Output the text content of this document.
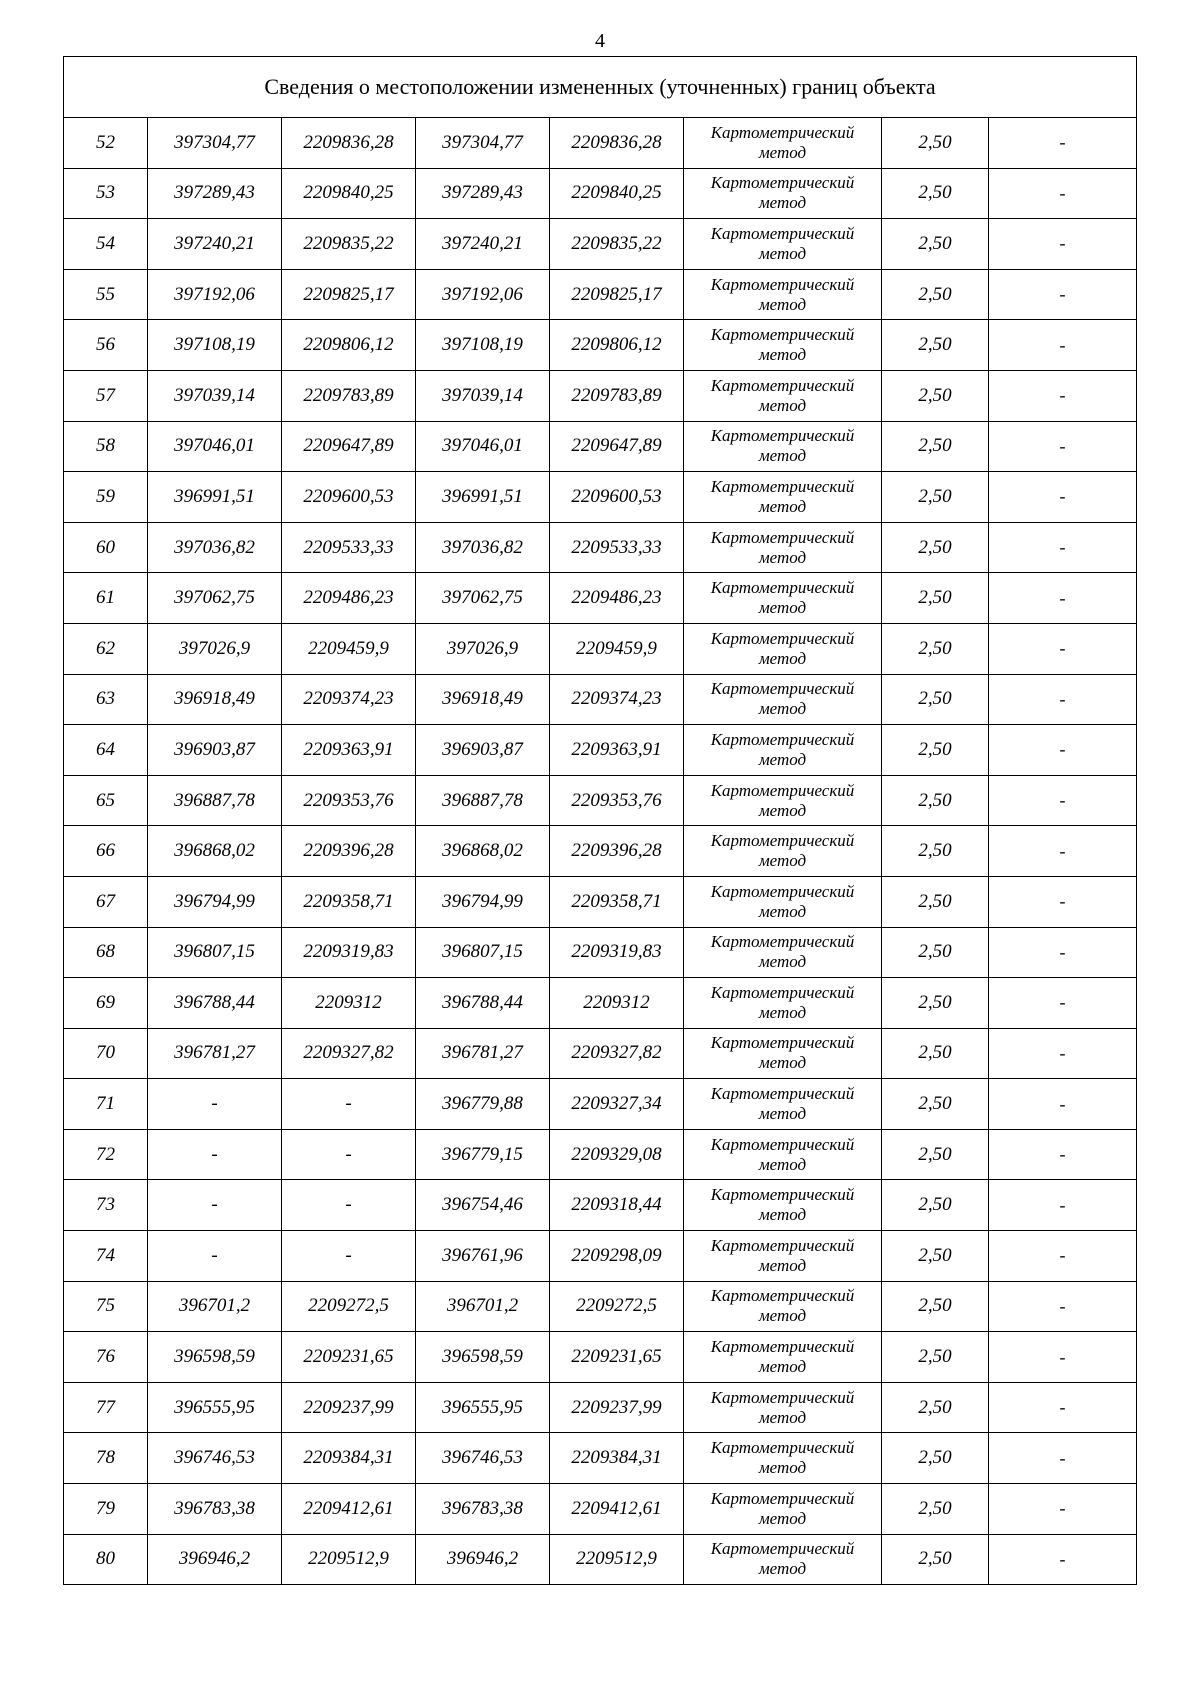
4
Сведения о местоположении измененных (уточненных) границ объекта							
52	397304,77	2209836,28	397304,77	2209836,28	Картометрический метод	2,50	-
53	397289,43	2209840,25	397289,43	2209840,25	Картометрический метод	2,50	-
54	397240,21	2209835,22	397240,21	2209835,22	Картометрический метод	2,50	-
55	397192,06	2209825,17	397192,06	2209825,17	Картометрический метод	2,50	-
56	397108,19	2209806,12	397108,19	2209806,12	Картометрический метод	2,50	-
57	397039,14	2209783,89	397039,14	2209783,89	Картометрический метод	2,50	-
58	397046,01	2209647,89	397046,01	2209647,89	Картометрический метод	2,50	-
59	396991,51	2209600,53	396991,51	2209600,53	Картометрический метод	2,50	-
60	397036,82	2209533,33	397036,82	2209533,33	Картометрический метод	2,50	-
61	397062,75	2209486,23	397062,75	2209486,23	Картометрический метод	2,50	-
62	397026,9	2209459,9	397026,9	2209459,9	Картометрический метод	2,50	-
63	396918,49	2209374,23	396918,49	2209374,23	Картометрический метод	2,50	-
64	396903,87	2209363,91	396903,87	2209363,91	Картометрический метод	2,50	-
65	396887,78	2209353,76	396887,78	2209353,76	Картометрический метод	2,50	-
66	396868,02	2209396,28	396868,02	2209396,28	Картометрический метод	2,50	-
67	396794,99	2209358,71	396794,99	2209358,71	Картометрический метод	2,50	-
68	396807,15	2209319,83	396807,15	2209319,83	Картометрический метод	2,50	-
69	396788,44	2209312	396788,44	2209312	Картометрический метод	2,50	-
70	396781,27	2209327,82	396781,27	2209327,82	Картометрический метод	2,50	-
71	-	-	396779,88	2209327,34	Картометрический метод	2,50	-
72	-	-	396779,15	2209329,08	Картометрический метод	2,50	-
73	-	-	396754,46	2209318,44	Картометрический метод	2,50	-
74	-	-	396761,96	2209298,09	Картометрический метод	2,50	-
75	396701,2	2209272,5	396701,2	2209272,5	Картометрический метод	2,50	-
76	396598,59	2209231,65	396598,59	2209231,65	Картометрический метод	2,50	-
77	396555,95	2209237,99	396555,95	2209237,99	Картометрический метод	2,50	-
78	396746,53	2209384,31	396746,53	2209384,31	Картометрический метод	2,50	-
79	396783,38	2209412,61	396783,38	2209412,61	Картометрический метод	2,50	-
80	396946,2	2209512,9	396946,2	2209512,9	Картометрический метод	2,50	-
